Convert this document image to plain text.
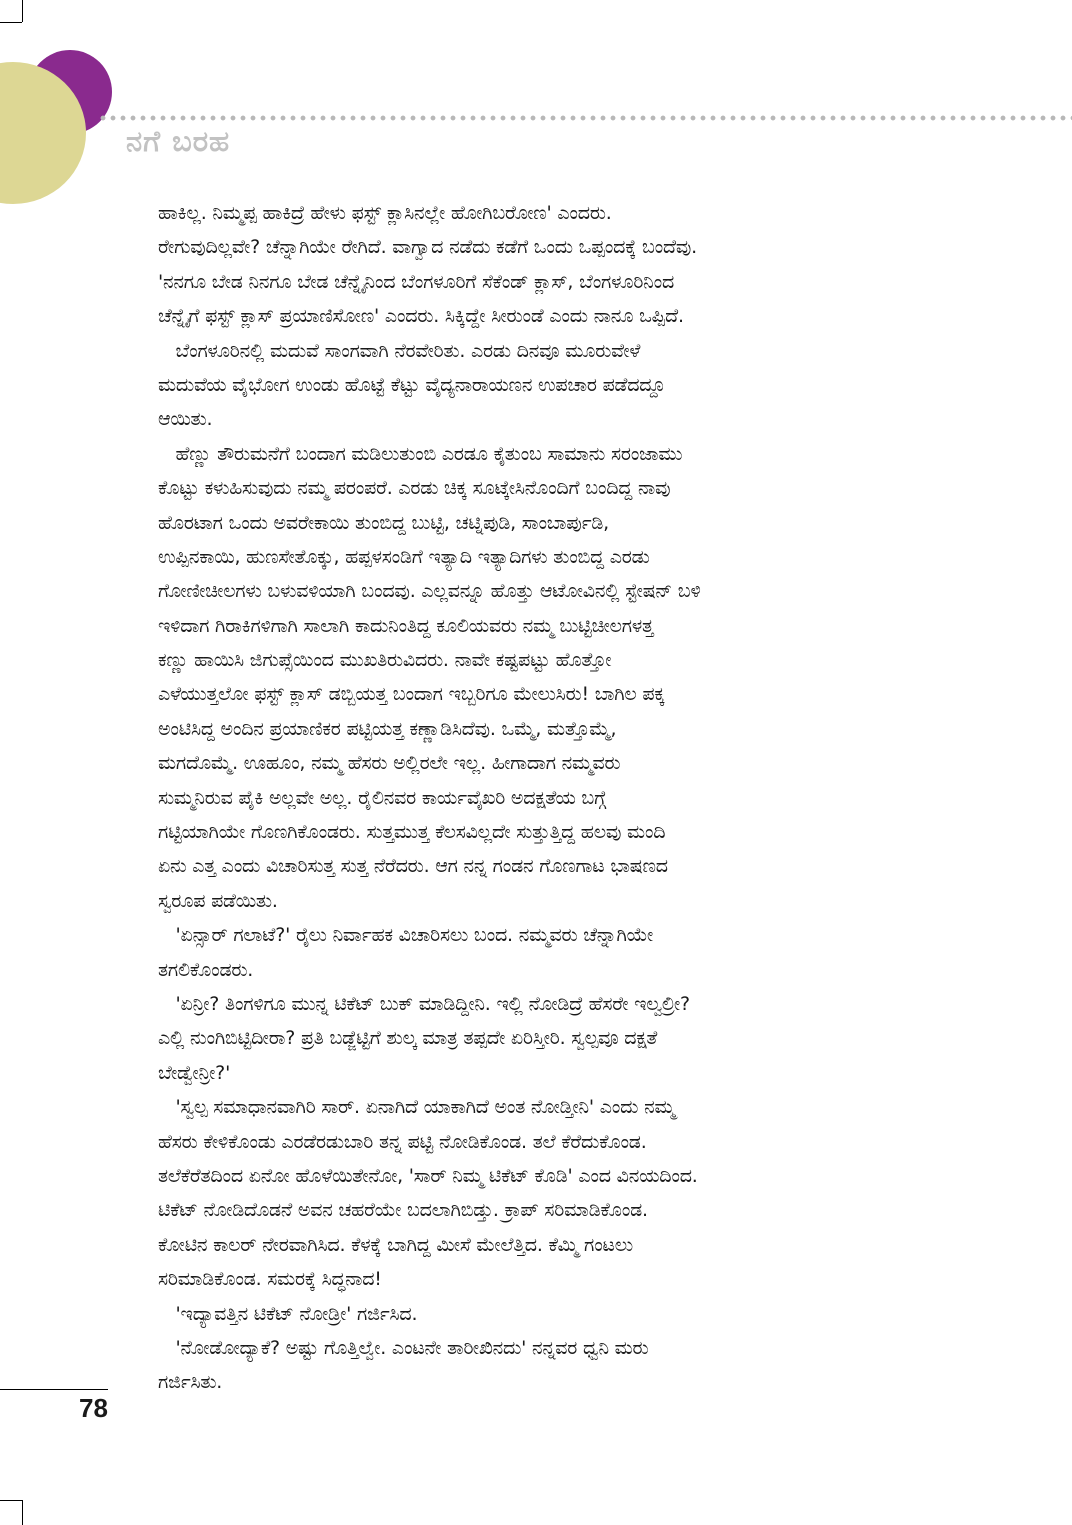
ನಗೆ ಬರಹ
ಹಾಕಿಲ್ಲ. ನಿಮ್ಮಪ್ಪ ಹಾಕಿದ್ರೆ ಹೇಳು ಫಸ್ಟ್ ಕ್ಲಾಸಿನಲ್ಲೇ ಹೋಗಿಬರೋಣ' ಎಂದರು.
ರೇಗುವುದಿಲ್ಲವೇ? ಚೆನ್ನಾಗಿಯೇ ರೇಗಿದೆ. ವಾಗ್ವಾದ ನಡೆದು ಕಡೆಗೆ ಒಂದು ಒಪ್ಪಂದಕ್ಕೆ ಬಂದೆವು.
'ನನಗೂ ಬೇಡ ನಿನಗೂ ಬೇಡ ಚೆನ್ನೈನಿಂದ ಬೆಂಗಳೂರಿಗೆ ಸೆಕೆಂಡ್ ಕ್ಲಾಸ್, ಬೆಂಗಳೂರಿನಿಂದ
ಚೆನ್ನೈಗೆ ಫಸ್ಟ್ ಕ್ಲಾಸ್ ಪ್ರಯಾಣಿಸೋಣ' ಎಂದರು. ಸಿಕ್ಕಿದ್ದೇ ಸೀರುಂಡೆ ಎಂದು ನಾನೂ ಒಪ್ಪಿದೆ.
ಬೆಂಗಳೂರಿನಲ್ಲಿ ಮದುವೆ ಸಾಂಗವಾಗಿ ನೆರವೇರಿತು. ಎರಡು ದಿನವೂ ಮೂರುವೇಳೆ
ಮದುವೆಯ ವೈಭೋಗ ಉಂಡು ಹೊಟ್ಟೆ ಕೆಟ್ಟು ವೈದ್ಯನಾರಾಯಣನ ಉಪಚಾರ ಪಡೆದದ್ದೂ
ಆಯಿತು.
ಹೆಣ್ಣು ತೌರುಮನೆಗೆ ಬಂದಾಗ ಮಡಿಲುತುಂಬಿ ಎರಡೂ ಕೈತುಂಬ ಸಾಮಾನು ಸರಂಜಾಮು
ಕೊಟ್ಟು ಕಳುಹಿಸುವುದು ನಮ್ಮ ಪರಂಪರೆ. ಎರಡು ಚಿಕ್ಕ ಸೂಟ್ಕೇಸಿನೊಂದಿಗೆ ಬಂದಿದ್ದ ನಾವು
ಹೊರಟಾಗ ಒಂದು ಅವರೇಕಾಯಿ ತುಂಬಿದ್ದ ಬುಟ್ಟಿ, ಚಟ್ನಿಪುಡಿ, ಸಾಂಬಾರ್ಪುಡಿ,
ಉಪ್ಪಿನಕಾಯಿ, ಹುಣಸೇತೊಕ್ಕು, ಹಪ್ಪಳಸಂಡಿಗೆ ಇತ್ಯಾದಿ ಇತ್ಯಾದಿಗಳು ತುಂಬಿದ್ದ ಎರಡು
ಗೋಣೀಚೀಲಗಳು ಬಳುವಳಿಯಾಗಿ ಬಂದವು. ಎಲ್ಲವನ್ನೂ ಹೊತ್ತು ಆಟೋವಿನಲ್ಲಿ ಸ್ಟೇಷನ್ ಬಳಿ
ಇಳಿದಾಗ ಗಿರಾಕಿಗಳಿಗಾಗಿ ಸಾಲಾಗಿ ಕಾದುನಿಂತಿದ್ದ ಕೂಲಿಯವರು ನಮ್ಮ ಬುಟ್ಟಿಚೀಲಗಳತ್ತ
ಕಣ್ಣು ಹಾಯಿಸಿ ಜಿಗುಪ್ಸೆಯಿಂದ ಮುಖತಿರುವಿದರು. ನಾವೇ ಕಷ್ಟಪಟ್ಟು ಹೊತ್ತೋ
ಎಳೆಯುತ್ತಲೋ ಫಸ್ಟ್ ಕ್ಲಾಸ್ ಡಬ್ಬಿಯತ್ತ ಬಂದಾಗ ಇಬ್ಬರಿಗೂ ಮೇಲುಸಿರು! ಬಾಗಿಲ ಪಕ್ಕ
ಅಂಟಿಸಿದ್ದ ಅಂದಿನ ಪ್ರಯಾಣಿಕರ ಪಟ್ಟಿಯತ್ತ ಕಣ್ಣಾಡಿಸಿದೆವು. ಒಮ್ಮೆ, ಮತ್ತೊಮ್ಮೆ,
ಮಗದೊಮ್ಮೆ. ಊಹೂಂ, ನಮ್ಮ ಹೆಸರು ಅಲ್ಲಿರಲೇ ಇಲ್ಲ. ಹೀಗಾದಾಗ ನಮ್ಮವರು
ಸುಮ್ಮನಿರುವ ಪೈಕಿ ಅಲ್ಲವೇ ಅಲ್ಲ. ರೈಲಿನವರ ಕಾರ್ಯವೈಖರಿ ಅದಕ್ಷತೆಯ ಬಗ್ಗೆ
ಗಟ್ಟಿಯಾಗಿಯೇ ಗೊಣಗಿಕೊಂಡರು. ಸುತ್ತಮುತ್ತ ಕೆಲಸವಿಲ್ಲದೇ ಸುತ್ತುತ್ತಿದ್ದ ಹಲವು ಮಂದಿ
ಏನು ಎತ್ತ ಎಂದು ವಿಚಾರಿಸುತ್ತ ಸುತ್ತ ನೆರೆದರು. ಆಗ ನನ್ನ ಗಂಡನ ಗೊಣಗಾಟ ಭಾಷಣದ
ಸ್ವರೂಪ ಪಡೆಯಿತು.
'ಏನ್ಸಾರ್ ಗಲಾಟೆ?' ರೈಲು ನಿರ್ವಾಹಕ ವಿಚಾರಿಸಲು ಬಂದ. ನಮ್ಮವರು ಚೆನ್ನಾಗಿಯೇ
ತಗಲಿಕೊಂಡರು.
'ಏನ್ರೀ? ತಿಂಗಳಿಗೂ ಮುನ್ನ ಟಿಕೆಟ್ ಬುಕ್ ಮಾಡಿದ್ದೀನಿ. ಇಲ್ಲಿ ನೋಡಿದ್ರೆ ಹೆಸರೇ ಇಲ್ವಲ್ರೀ?
ಎಲ್ಲಿ ನುಂಗಿಬಿಟ್ಟಿದೀರಾ? ಪ್ರತಿ ಬಡ್ಜೆಟ್ಟಿಗೆ ಶುಲ್ಕ ಮಾತ್ರ ತಪ್ಪದೇ ಏರಿಸ್ತೀರಿ. ಸ್ವಲ್ಪವೂ ದಕ್ಷತೆ
ಬೇಡ್ವೇನ್ರೀ?'
'ಸ್ವಲ್ಪ ಸಮಾಧಾನವಾಗಿರಿ ಸಾರ್. ಏನಾಗಿದೆ ಯಾಕಾಗಿದೆ ಅಂತ ನೋಡ್ತೀನಿ' ಎಂದು ನಮ್ಮ
ಹೆಸರು ಕೇಳಿಕೊಂಡು ಎರಡೆರಡುಬಾರಿ ತನ್ನ ಪಟ್ಟಿ ನೋಡಿಕೊಂಡ. ತಲೆ ಕೆರೆದುಕೊಂಡ.
ತಲೆಕೆರೆತದಿಂದ ಏನೋ ಹೊಳೆಯಿತೇನೋ, 'ಸಾರ್ ನಿಮ್ಮ ಟಿಕೆಟ್ ಕೊಡಿ' ಎಂದ ವಿನಯದಿಂದ.
ಟಿಕೆಟ್ ನೋಡಿದೊಡನೆ ಅವನ ಚಹರೆಯೇ ಬದಲಾಗಿಬಿಡ್ತು. ಕ್ರಾಪ್ ಸರಿಮಾಡಿಕೊಂಡ.
ಕೋಟಿನ ಕಾಲರ್ ನೇರವಾಗಿಸಿದ. ಕೆಳಕ್ಕೆ ಬಾಗಿದ್ದ ಮೀಸೆ ಮೇಲೆತ್ತಿದ. ಕೆಮ್ಮಿ ಗಂಟಲು
ಸರಿಮಾಡಿಕೊಂಡ. ಸಮರಕ್ಕೆ ಸಿದ್ಧನಾದ!
'ಇದ್ಯಾವತ್ತಿನ ಟಿಕೆಟ್ ನೋಡ್ರೀ' ಗರ್ಜಿಸಿದ.
'ನೋಡೋದ್ಯಾಕೆ? ಅಷ್ಟು ಗೊತ್ತಿಲ್ವೇ. ಎಂಟನೇ ತಾರೀಖಿನದು' ನನ್ನವರ ಧ್ವನಿ ಮರು
ಗರ್ಜಿಸಿತು.
78
